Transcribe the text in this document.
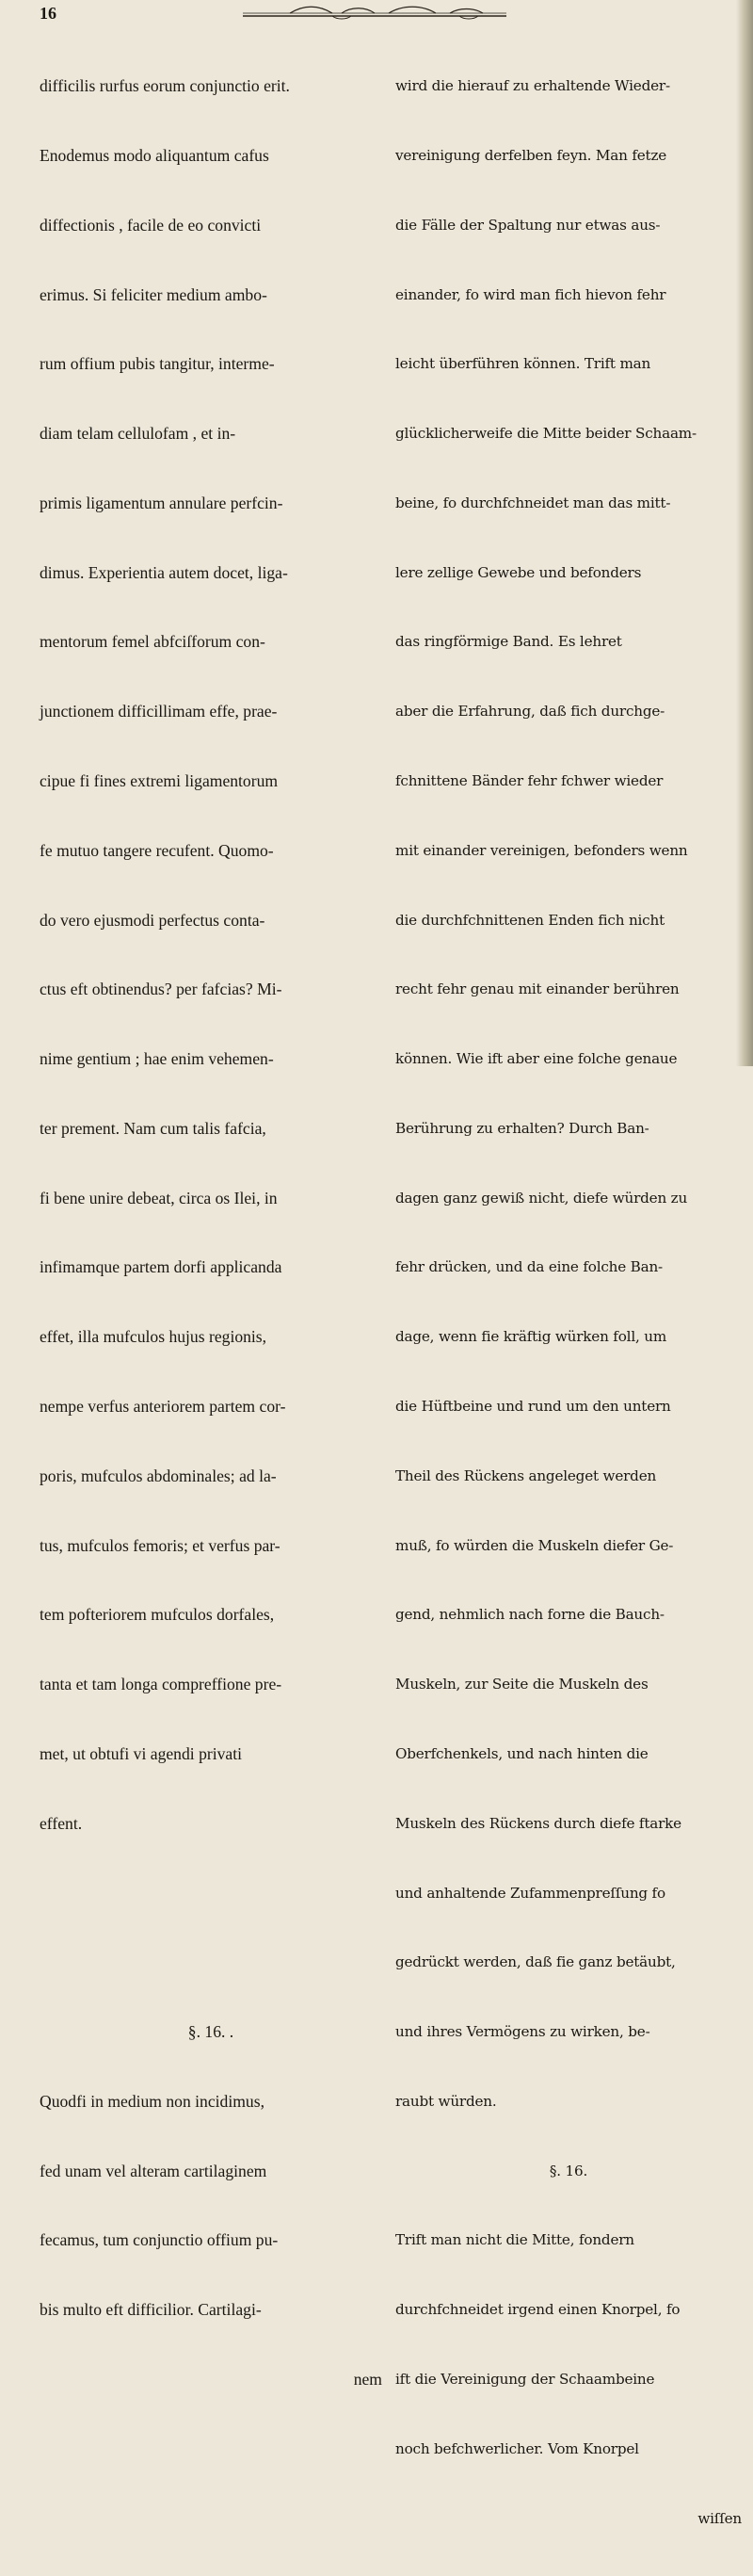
16

difficilis rurfus eorum conjunctio erit.

Enodemus modo aliquantum cafus

diffectionis , facile de eo convicti

erimus. Si feliciter medium ambo-

rum offium pubis tangitur, interme-

diam telam cellulofam , et in-

primis ligamentum annulare perfcin-

dimus. Experientia autem docet, liga-

mentorum femel abfciſforum con-

junctionem difficillimam effe, prae-

cipue fi fines extremi ligamentorum

fe mutuo tangere recufent. Quomo-

do vero ejusmodi perfectus conta-

ctus eft obtinendus? per fafcias? Mi-

nime gentium ; hae enim vehemen-

ter prement. Nam cum talis fafcia,

fi bene unire debeat, circa os Ilei, in

infimamque partem dorfi applicanda

effet, illa mufculos hujus regionis,

nempe verfus anteriorem partem cor-

poris, mufculos abdominales; ad la-

tus, mufculos femoris; et verfus par-

tem pofteriorem mufculos dorfales,

tanta et tam longa compreffione pre-

met, ut obtufi vi agendi privati

effent.

§. 16. .

Quodfi in medium non incidimus,

fed unam vel alteram cartilaginem

fecamus, tum conjunctio offium pu-

bis multo eft difficilior. Cartilagi-

nem

wird die hierauf zu erhaltende Wieder-

vereinigung derfelben feyn. Man fetze

die Fälle der Spaltung nur etwas aus-

einander, fo wird man fich hievon fehr

leicht überführen können. Trift man

glücklicherweife die Mitte beider Schaam-

beine, fo durchfchneidet man das mitt-

lere zellige Gewebe und befonders

das ringförmige Band. Es lehret

aber die Erfahrung, daß fich durchge-

fchnittene Bänder fehr fchwer wieder

mit einander vereinigen, befonders wenn

die durchfchnittenen Enden fich nicht

recht fehr genau mit einander berühren

können. Wie ift aber eine folche genaue

Berührung zu erhalten? Durch Ban-

dagen ganz gewiß nicht, diefe würden zu

fehr drücken, und da eine folche Ban-

dage, wenn fie kräftig würken foll, um

die Hüftbeine und rund um den untern

Theil des Rückens angeleget werden

muß, fo würden die Muskeln diefer Ge-

gend, nehmlich nach forne die Bauch-

Muskeln, zur Seite die Muskeln des

Oberfchenkels, und nach hinten die

Muskeln des Rückens durch diefe ftarke

und anhaltende Zufammenpreſſung fo

gedrückt werden, daß fie ganz betäubt,

und ihres Vermögens zu wirken, be-

raubt würden.

§. 16.

Trift man nicht die Mitte, fondern

durchfchneidet irgend einen Knorpel, fo

ift die Vereinigung der Schaambeine

noch befchwerlicher. Vom Knorpel

wiſſen
